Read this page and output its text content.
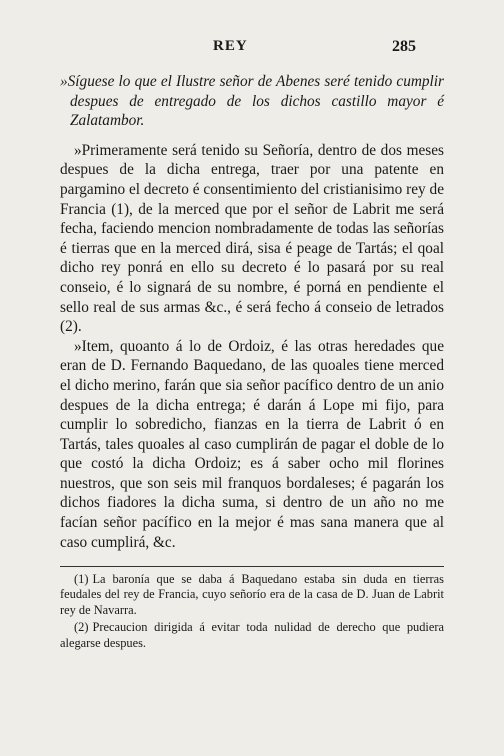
REY	285

»Síguese lo que el Ilustre señor de Abenes seré tenido cumplir despues de entregado de los dichos castillo mayor é Zalatambor.

»Primeramente será tenido su Señoría, dentro de dos meses despues de la dicha entrega, traer por una patente en pargamino el decreto é consentimiento del cristianisimo rey de Francia (1), de la merced que por el señor de Labrit me será fecha, faciendo mencion nombradamente de todas las señorías é tierras que en la merced dirá, sisa é peage de Tartás; el qoal dicho rey ponrá en ello su decreto é lo pasará por su real conseio, é lo signará de su nombre, é porná en pendiente el sello real de sus armas &c., é será fecho á conseio de letrados (2).

»Item, quoanto á lo de Ordoiz, é las otras heredades que eran de D. Fernando Baquedano, de las quoales tiene merced el dicho merino, farán que sia señor pacífico dentro de un anio despues de la dicha entrega; é darán á Lope mi fijo, para cumplir lo sobredicho, fianzas en la tierra de Labrit ó en Tartás, tales quoales al caso cumplirán de pagar el doble de lo que costó la dicha Ordoiz; es á saber ocho mil florines nuestros, que son seis mil franquos bordaleses; é pagarán los dichos fiadores la dicha suma, si dentro de un año no me facían señor pacífico en la mejor é mas sana manera que al caso cumplirá, &c.

(1) La baronía que se daba á Baquedano estaba sin duda en tierras feudales del rey de Francia, cuyo señorío era de la casa de D. Juan de Labrit rey de Navarra.

(2) Precaucion dirigida á evitar toda nulidad de derecho que pudiera alegarse despues.
